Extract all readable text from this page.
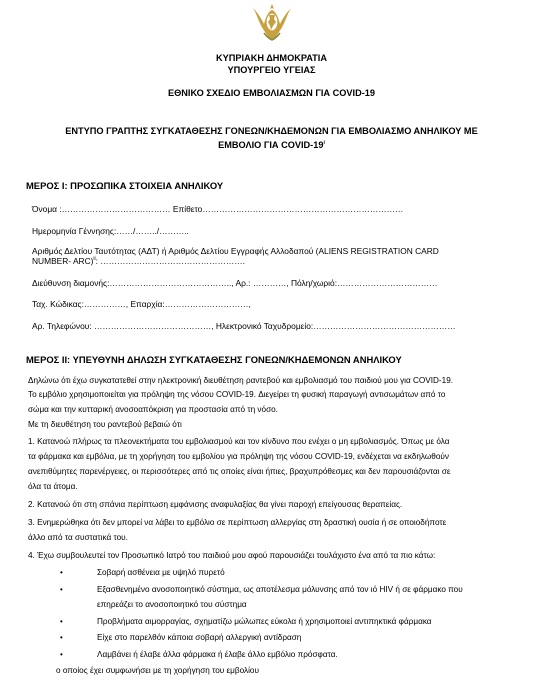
ΚΥΠΡΙΑΚΗ ΔΗΜΟΚΡΑΤΙΑ
ΥΠΟΥΡΓΕΙΟ ΥΓΕΙΑΣ
ΕΘΝΙΚΟ ΣΧΕΔΙΟ ΕΜΒΟΛΙΑΣΜΩΝ ΓΙΑ COVID-19
ΕΝΤΥΠΟ ΓΡΑΠΤΗΣ ΣΥΓΚΑΤΑΘΕΣΗΣ ΓΟΝΕΩΝ/ΚΗΔΕΜΟΝΩΝ ΓΙΑ ΕΜΒΟΛΙΑΣΜΟ ΑΝΗΛΙΚΟΥ ΜΕ
ΕΜΒΟΛΙΟ ΓΙΑ COVID-19$^i$
ΜΕΡΟΣ Ι: ΠΡΟΣΩΠΙΚΑ ΣΤΟΙΧΕΙΑ ΑΝΗΛΙΚΟΥ
Όνομα :………………………………… Επίθετο………………………………………………………………
Ημερομηνία Γέννησης:……/……../………..
Αριθμός Δελτίου Ταυτότητας (ΑΔΤ) ή Αριθμός Δελτίου Εγγραφής Αλλοδαπού (ALIENS REGISTRATION CARD
NUMBER- ARC)$^{ii}$: …………………………………………….
Διεύθυνση διαμονής:…………………………………….., Αρ.: …………, Πόλη/χωριό:………………………………
Ταχ. Κώδικας:……………, Επαρχία:…………………………,
Αρ. Τηλεφώνου: ……………………………………, Ηλεκτρονικό Ταχυδρομείο:……………………………………………
ΜΕΡΟΣ ΙΙ: ΥΠΕΥΘΥΝΗ ΔΗΛΩΣΗ ΣΥΓΚΑΤΑΘΕΣΗΣ ΓΟΝΕΩΝ/ΚΗΔΕΜΟΝΩΝ ΑΝΗΛΙΚΟΥ
Δηλώνω ότι έχω συγκατατεθεί στην ηλεκτρονική διευθέτηση ραντεβού και εμβολιασμό του παιδιού μου για COVID-19.
Το εμβόλιο χρησιμοποιείται για πρόληψη της νόσου COVID-19. Διεγείρει τη φυσική παραγωγή αντισωμάτων από το
σώμα και την κυτταρική ανοσοαπόκριση για προστασία από τη νόσο.
Με τη διευθέτηση του ραντεβού βεβαιώ ότι
1. Κατανοώ πλήρως τα πλεονεκτήματα του εμβολιασμού και τον κίνδυνο που ενέχει ο μη εμβολιασμός. Όπως με όλα
τα φάρμακα και εμβόλια, με τη χορήγηση του εμβολίου για πρόληψη της νόσου COVID-19, ενδέχεται να εκδηλωθούν
ανεπιθύμητες παρενέργειες, οι περισσότερες από τις οποίες είναι ήπιες, βραχυπρόθεσμες και δεν παρουσιάζονται σε
όλα τα άτομα.
2. Κατανοώ ότι στη σπάνια περίπτωση εμφάνισης αναφυλαξίας θα γίνει παροχή επείγουσας θεραπείας.
3. Ενημερώθηκα ότι δεν μπορεί να λάβει το εμβόλιο σε περίπτωση αλλεργίας στη δραστική ουσία ή σε οποιοδήποτε
άλλο από τα συστατικά του.
4. Έχω συμβουλευτεί τον Προσωπικό Ιατρό του παιδιού μου αφού παρουσιάζει τουλάχιστο ένα από τα πιο κάτω:
•	Σοβαρή ασθένεια με υψηλό πυρετό
•	Εξασθενημένο ανοσοποιητικό σύστημα, ως αποτέλεσμα μόλυνσης από τον ιό HIV ή σε φάρμακο που
επηρεάζει το ανοσοποιητικό του σύστημα
•	Προβλήματα αιμορραγίας, σχηματίζω μώλωπες εύκολα ή χρησιμοποιεί αντιπηκτικά φάρμακα
•	Είχε στο παρελθόν κάποια σοβαρή αλλεργική αντίδραση
•	Λαμβάνει ή έλαβε άλλα φάρμακα ή έλαβε άλλο εμβόλιο πρόσφατα.
ο οποίος έχει συμφωνήσει με τη χορήγηση του εμβολίου
